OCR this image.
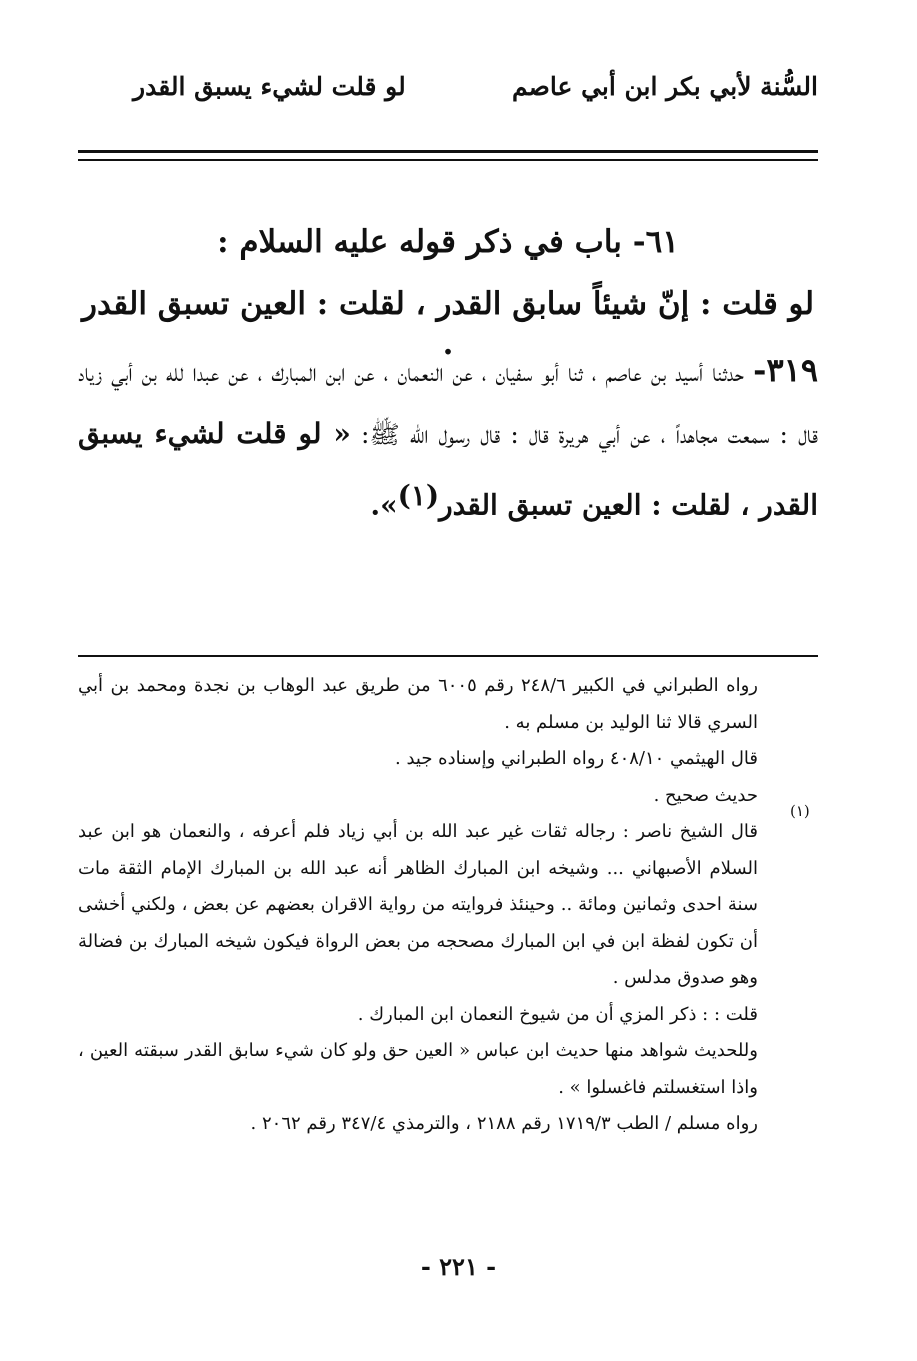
السُّنة لأبي بكر ابن أبي عاصم
لو قلت لشيء يسبق القدر
٦١- باب في ذكر قوله عليه السلام :
لو قلت : إنّ شيئاً سابق القدر ، لقلت : العين تسبق القدر .
٣١٩- حدثنا أسيد بن عاصم ، ثنا أبو سفيان ، عن النعمان ، عن ابن المبارك ، عن عبدا لله بن أبي زياد قال : سمعت مجاهداً ، عن أبي هريرة قال : قال رسول الله ﷺ: « لو قلت لشيء يسبق القدر ، لقلت : العين تسبق القدر(١)».
(١)

رواه الطبراني في الكبير ٢٤٨/٦ رقم ٦٠٠٥ من طريق عبد الوهاب بن نجدة ومحمد بن أبي السري قالا ثنا الوليد بن مسلم به .

قال الهيثمي ٤٠٨/١٠ رواه الطبراني وإسناده جيد .

حديث صحيح .

قال الشيخ ناصر : رجاله ثقات غير عبد الله بن أبي زياد فلم أعرفه ، والنعمان هو ابن عبد السلام الأصبهاني ... وشيخه ابن المبارك الظاهر أنه عبد الله بن المبارك الإمام الثقة مات سنة احدى وثمانين ومائة .. وحينئذ فروايته من رواية الاقران بعضهم عن بعض ، ولكني أخشى أن تكون لفظة ابن في ابن المبارك مصحجه من بعض الرواة فيكون شيخه المبارك بن فضالة وهو صدوق مدلس .

قلت : : ذكر المزي أن من شيوخ النعمان ابن المبارك .

وللحديث شواهد منها حديث ابن عباس « العين حق ولو كان شيء سابق القدر سبقته العين ، واذا استغسلتم فاغسلوا » .

رواه مسلم / الطب ١٧١٩/٣ رقم ٢١٨٨ ، والترمذي ٣٤٧/٤ رقم ٢٠٦٢ .

- ٢٢١ -
